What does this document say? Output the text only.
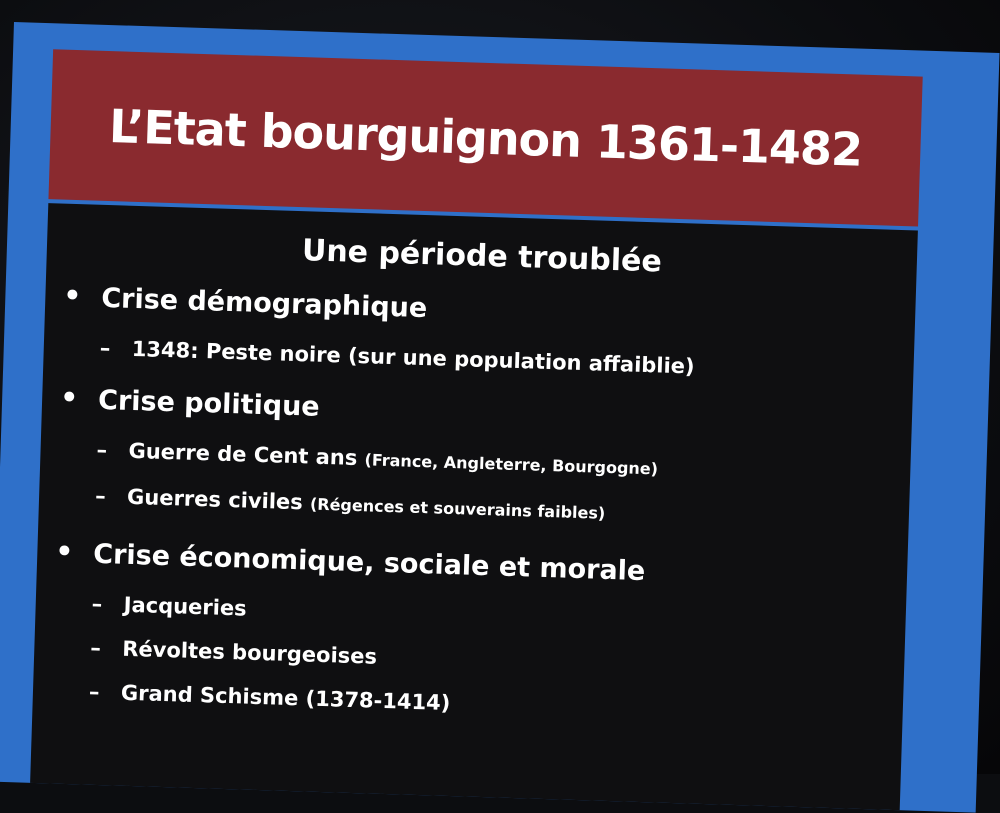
L’Etat bourguignon 1361-1482
Une période troublée
• Crise démographique
– 1348: Peste noire (sur une population affaiblie)
• Crise politique
– Guerre de Cent ans (France, Angleterre, Bourgogne)
– Guerres civiles (Régences et souverains faibles)
• Crise économique, sociale et morale
– Jacqueries
– Révoltes bourgeoises
– Grand Schisme (1378-1414)
